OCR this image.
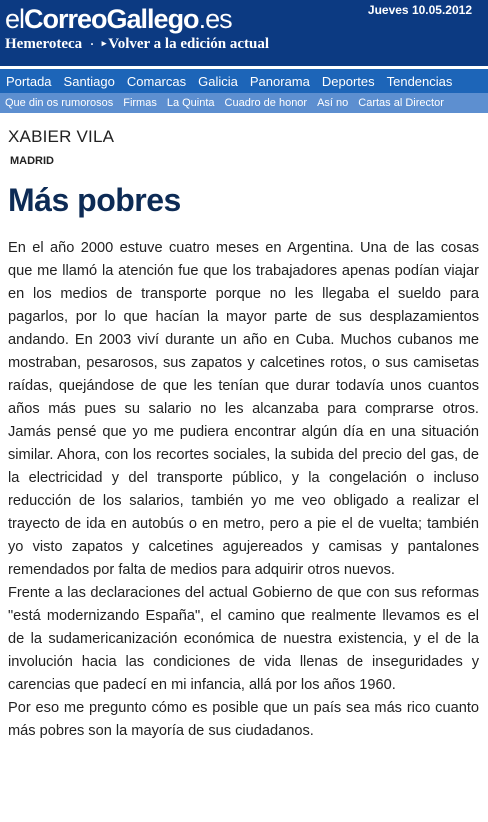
elCorreoGallego.es	Jueves 10.05.2012
Hemeroteca · ▸ Volver a la edición actual
Portada Santiago Comarcas Galicia Panorama Deportes Tendencias
Que din os rumorosos Firmas La Quinta Cuadro de honor Así no Cartas al Director
XABIER VILA
MADRID
Más pobres

En el año 2000 estuve cuatro meses en Argentina. Una de las cosas que me llamó la atención fue que los trabajadores apenas podían viajar en los medios de transporte porque no les llegaba el sueldo para pagarlos, por lo que hacían la mayor parte de sus desplazamientos andando. En 2003 viví durante un año en Cuba. Muchos cubanos me mostraban, pesarosos, sus zapatos y calcetines rotos, o sus camisetas raídas, quejándose de que les tenían que durar todavía unos cuantos años más pues su salario no les alcanzaba para comprarse otros. Jamás pensé que yo me pudiera encontrar algún día en una situación similar. Ahora, con los recortes sociales, la subida del precio del gas, de la electricidad y del transporte público, y la congelación o incluso reducción de los salarios, también yo me veo obligado a realizar el trayecto de ida en autobús o en metro, pero a pie el de vuelta; también yo visto zapatos y calcetines agujereados y camisas y pantalones remendados por falta de medios para adquirir otros nuevos.

Frente a las declaraciones del actual Gobierno de que con sus reformas "está modernizando España", el camino que realmente llevamos es el de la sudamericanización económica de nuestra existencia, y el de la involución hacia las condiciones de vida llenas de inseguridades y carencias que padecí en mi infancia, allá por los años 1960.

Por eso me pregunto cómo es posible que un país sea más rico cuanto más pobres son la mayoría de sus ciudadanos.
